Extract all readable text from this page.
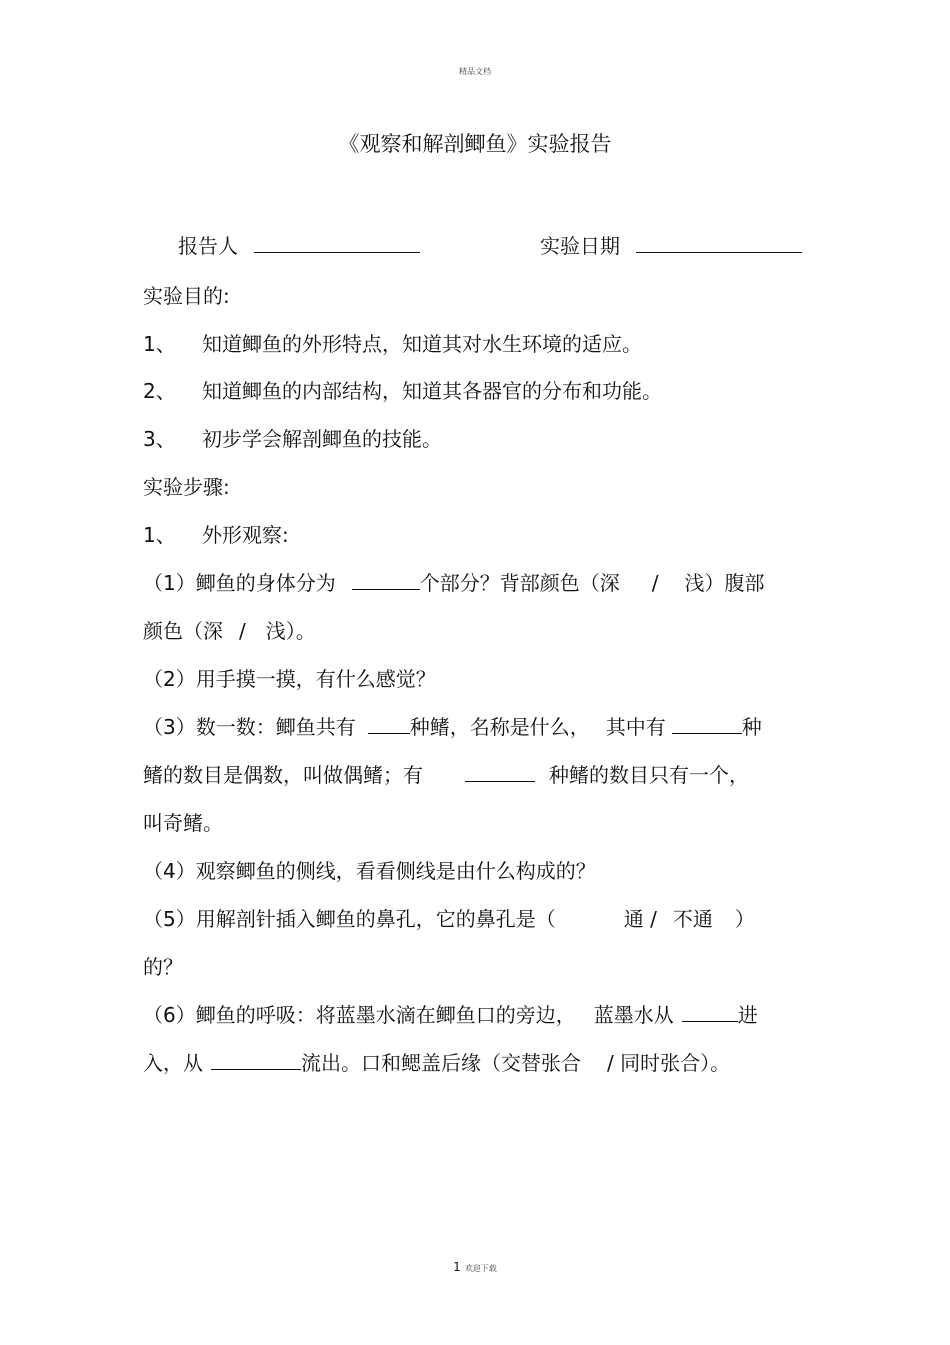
精品文档
《观察和解剖鲫鱼》实验报告
报告人	实验日期
实验目的:
1、 知道鲫鱼的外形特点，知道其对水生环境的适应。
2、 知道鲫鱼的内部结构，知道其各器官的分布和功能。
3、 初步学会解剖鲫鱼的技能。
实验步骤:
1、 外形观察:
（1）鲫鱼的身体分为	个部分？背部颜色（深 / 浅）腹部
颜色（深 / 浅）。
（2）用手摸一摸，有什么感觉？
（3）数一数：鲫鱼共有	种鳍，名称是什么， 其中有	种
鳍的数目是偶数，叫做偶鳍；有	种鳍的数目只有一个，
叫奇鳍。
（4）观察鲫鱼的侧线，看看侧线是由什么构成的？
（5）用解剖针插入鲫鱼的鼻孔，它的鼻孔是（	通 / 不通 ）
的？
（6）鲫鱼的呼吸：将蓝墨水滴在鲫鱼口的旁边， 蓝墨水从	进
入，从	流出。口和鳃盖后缘（交替张合 / 同时张合）。
1 欢迎下载
